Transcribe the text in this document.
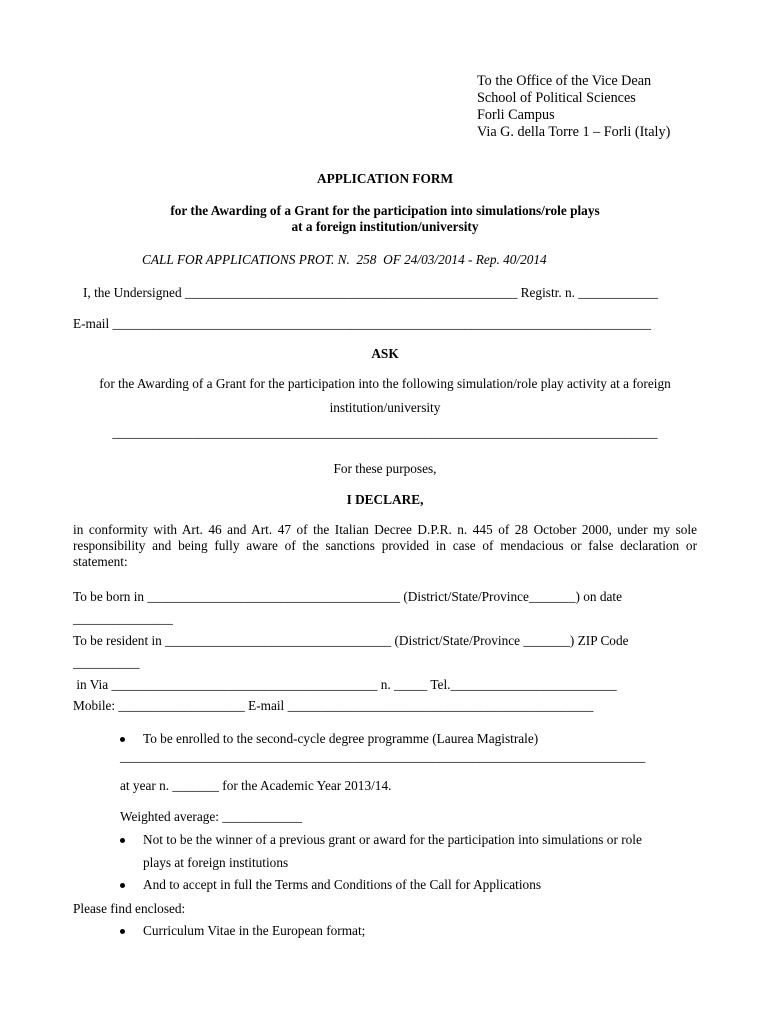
To the Office of the Vice Dean
School of Political Sciences
Forli Campus
Via G. della Torre 1 – Forli (Italy)
APPLICATION FORM
for the Awarding of a Grant for the participation into simulations/role plays
at a foreign institution/university
CALL FOR APPLICATIONS PROT. N.  258  OF 24/03/2014 - Rep. 40/2014
I, the Undersigned __________________________________________________ Registr. n. ____________
E-mail _________________________________________________________________________________
ASK
for the Awarding of a Grant for the participation into the following simulation/role play activity at a foreign
institution/university
__________________________________________________________________________________
For these purposes,
I DECLARE,
in conformity with Art. 46 and Art. 47 of the Italian Decree D.P.R. n. 445 of 28 October 2000, under my sole responsibility and being fully aware of the sanctions provided in case of mendacious or false declaration or statement:
To be born in ______________________________________ (District/State/Province_______) on date
_______________
To be resident in __________________________________ (District/State/Province _______) ZIP Code
__________
in Via ________________________________________ n. _____ Tel._________________________
Mobile: ___________________ E-mail ______________________________________________
To be enrolled to the second-cycle degree programme (Laurea Magistrale)
_______________________________________________________________________________
at year n. _______ for the Academic Year 2013/14.
Weighted average: ____________
Not to be the winner of a previous grant or award for the participation into simulations or role
plays at foreign institutions
And to accept in full the Terms and Conditions of the Call for Applications
Please find enclosed:
Curriculum Vitae in the European format;
